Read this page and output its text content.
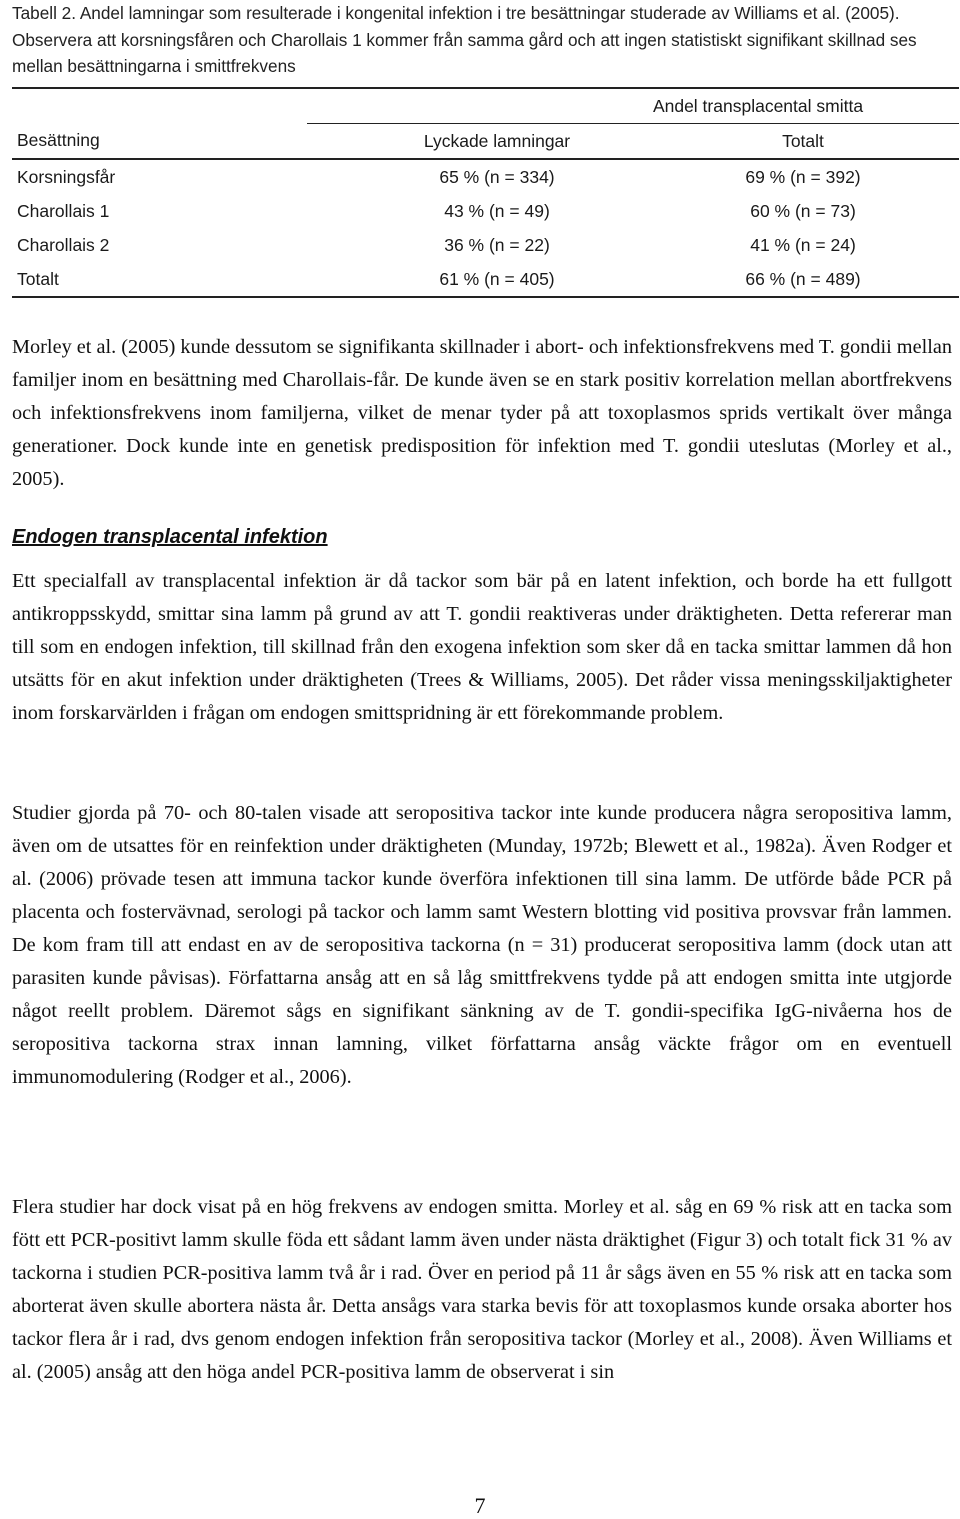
Tabell 2. Andel lamningar som resulterade i kongenital infektion i tre besättningar studerade av Williams et al. (2005). Observera att korsningsfåren och Charollais 1 kommer från samma gård och att ingen statistiskt signifikant skillnad ses mellan besättningarna i smittfrekvens
	Andel transplacental smitta	
Besättning	Lyckade lamningar	Totalt
Korsningsfår	65 % (n = 334)	69 % (n = 392)
Charollais 1	43 % (n = 49)	60 % (n = 73)
Charollais 2	36 % (n = 22)	41 % (n = 24)
Totalt	61 % (n = 405)	66 % (n = 489)

Morley et al. (2005) kunde dessutom se signifikanta skillnader i abort- och infektionsfrekvens med T. gondii mellan familjer inom en besättning med Charollais-får. De kunde även se en stark positiv korrelation mellan abortfrekvens och infektionsfrekvens inom familjerna, vilket de menar tyder på att toxoplasmos sprids vertikalt över många generationer. Dock kunde inte en genetisk predisposition för infektion med T. gondii uteslutas (Morley et al., 2005).

Endogen transplacental infektion

Ett specialfall av transplacental infektion är då tackor som bär på en latent infektion, och borde ha ett fullgott antikroppsskydd, smittar sina lamm på grund av att T. gondii reaktiveras under dräktigheten. Detta refererar man till som en endogen infektion, till skillnad från den exogena infektion som sker då en tacka smittar lammen då hon utsätts för en akut infektion under dräktigheten (Trees & Williams, 2005). Det råder vissa meningsskiljaktigheter inom forskarvärlden i frågan om endogen smittspridning är ett förekommande problem.

Studier gjorda på 70- och 80-talen visade att seropositiva tackor inte kunde producera några seropositiva lamm, även om de utsattes för en reinfektion under dräktigheten (Munday, 1972b; Blewett et al., 1982a). Även Rodger et al. (2006) prövade tesen att immuna tackor kunde överföra infektionen till sina lamm. De utförde både PCR på placenta och fostervävnad, serologi på tackor och lamm samt Western blotting vid positiva provsvar från lammen. De kom fram till att endast en av de seropositiva tackorna (n = 31) producerat seropositiva lamm (dock utan att parasiten kunde påvisas). Författarna ansåg att en så låg smittfrekvens tydde på att endogen smitta inte utgjorde något reellt problem. Däremot sågs en signifikant sänkning av de T. gondii-specifika IgG-nivåerna hos de seropositiva tackorna strax innan lamning, vilket författarna ansåg väckte frågor om en eventuell immunomodulering (Rodger et al., 2006).

Flera studier har dock visat på en hög frekvens av endogen smitta. Morley et al. såg en 69 % risk att en tacka som fött ett PCR-positivt lamm skulle föda ett sådant lamm även under nästa dräktighet (Figur 3) och totalt fick 31 % av tackorna i studien PCR-positiva lamm två år i rad. Över en period på 11 år sågs även en 55 % risk att en tacka som aborterat även skulle abortera nästa år. Detta ansågs vara starka bevis för att toxoplasmos kunde orsaka aborter hos tackor flera år i rad, dvs genom endogen infektion från seropositiva tackor (Morley et al., 2008). Även Williams et al. (2005) ansåg att den höga andel PCR-positiva lamm de observerat i sin

7
